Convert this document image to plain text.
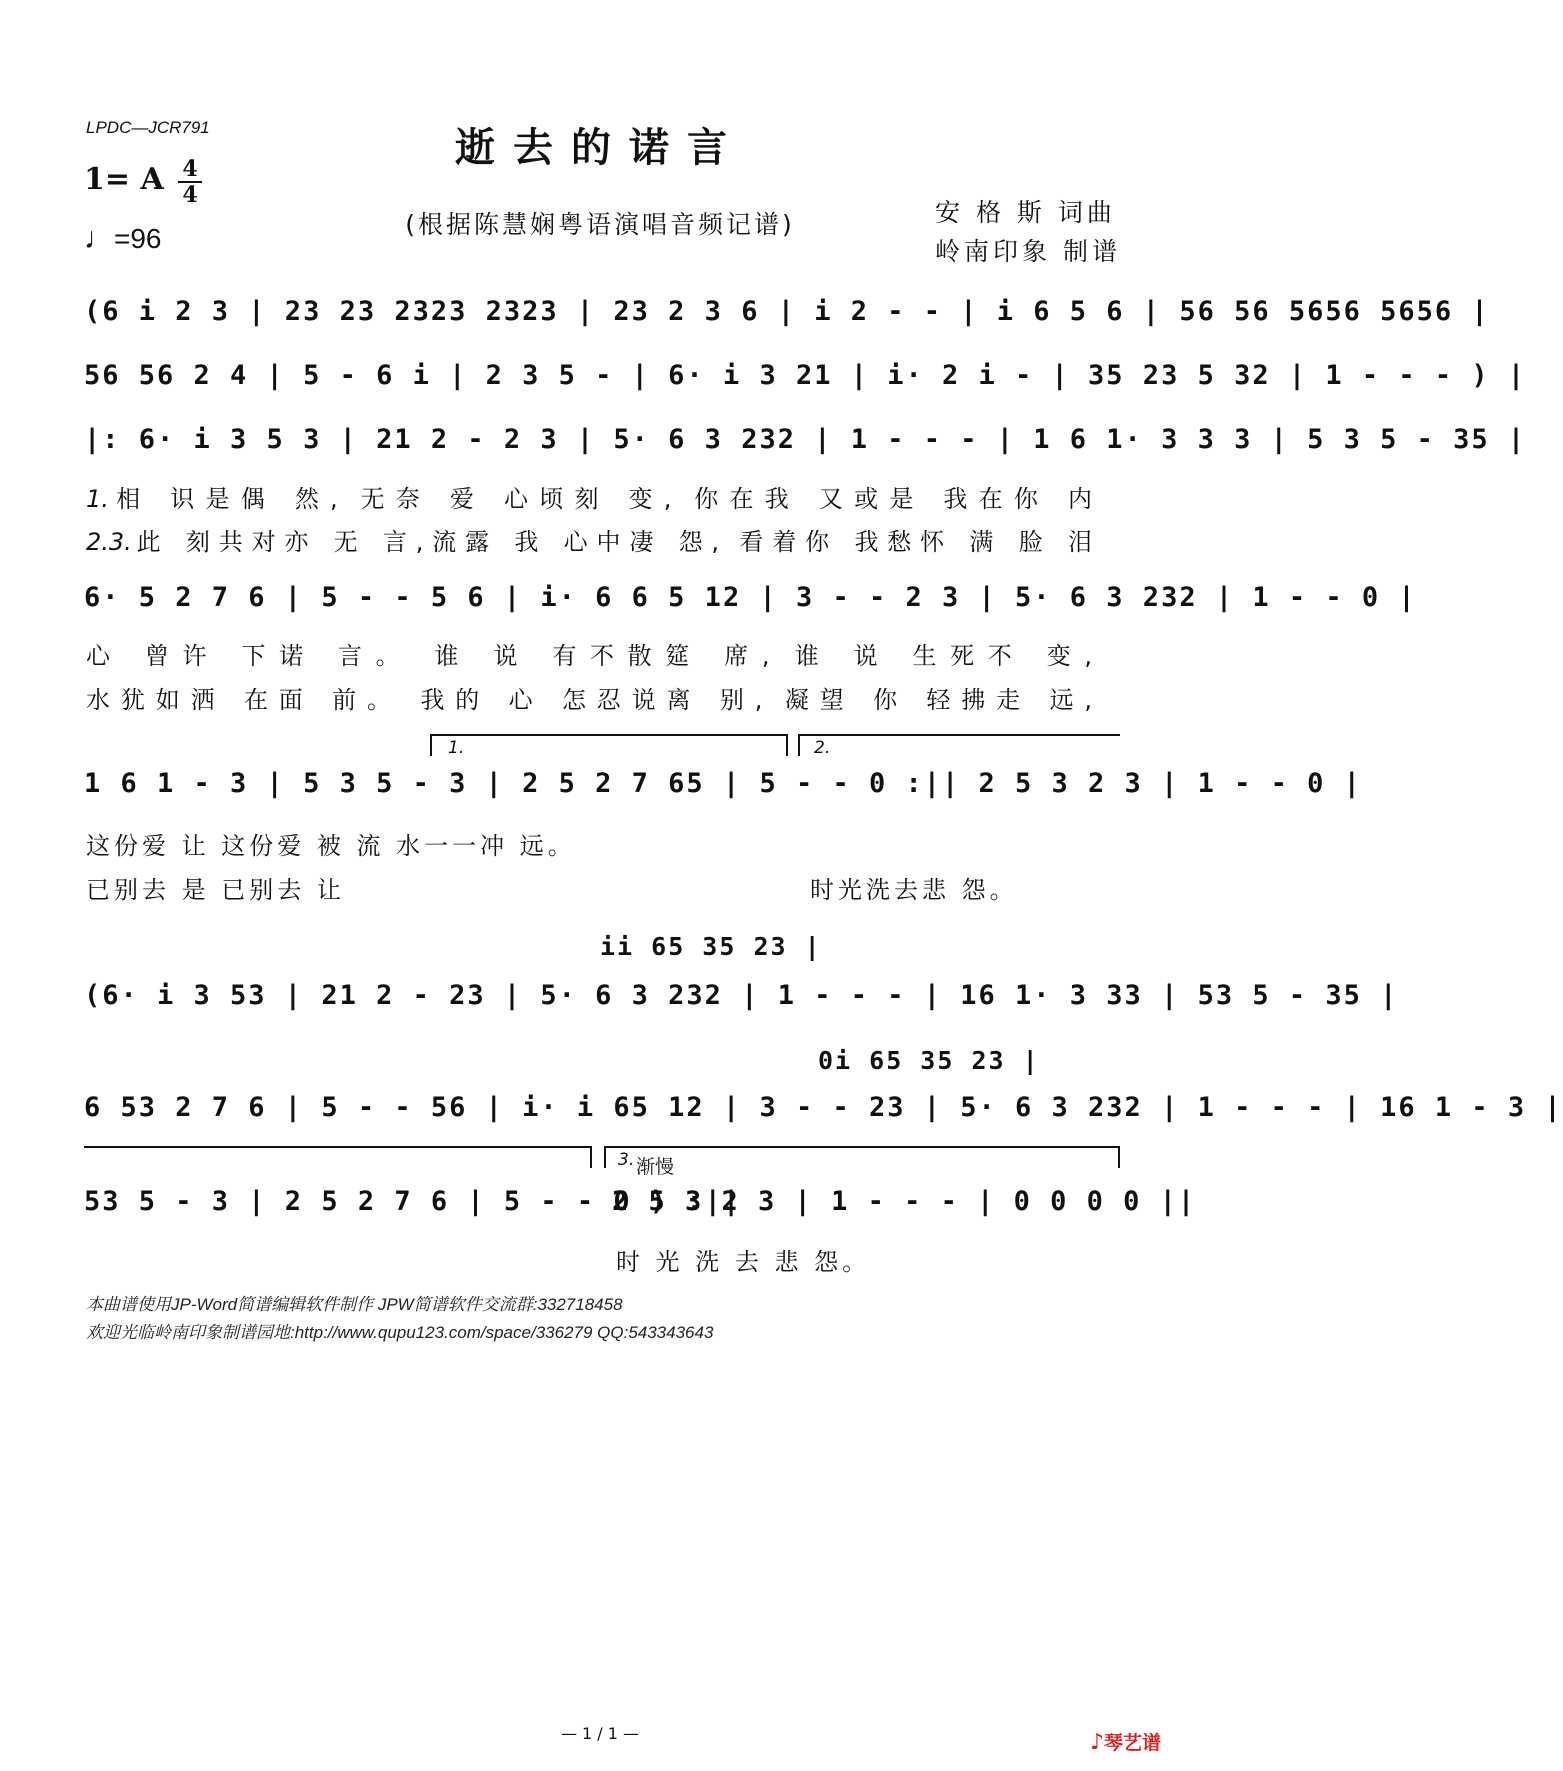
LPDC—JCR791	逝去的诺言
1= A 4
4
♩=96	(根据陈慧娴粤语演唱音频记谱)	安 格 斯 词曲
岭南印象 制谱
(6 i 2 3 | 23 23 2323 2323 | 23 2 3 6 | i 2 - - | i 6 5 6 | 56 56 5656 5656 |
56 56 2 4 | 5 - 6 i | 2 3 5 - | 6· i 3 21 | i· 2 i - | 35 23 5 32 | 1 - - - ) |
|: 6· i 3 5 3 | 21 2 - 2 3 | 5· 6 3 232 | 1 - - - | 1 6 1· 3 3 3 | 5 3 5 - 35 |
1.相 识是偶 然, 无奈 爱 心顷刻 变, 你在我 又或是 我在你 内
2.3.此 刻共对亦 无 言,流露 我 心中凄 怨, 看着你 我愁怀 满 脸 泪
6· 5 2 7 6 | 5 - - 5 6 | i· 6 6 5 12 | 3 - - 2 3 | 5· 6 3 232 | 1 - - 0 |
心 曾许 下诺 言。 谁 说 有不散筵 席, 谁 说 生死不 变,
水犹如洒 在面 前。 我的 心 怎忍说离 别, 凝望 你 轻拂走 远,
1.	2.
1 6 1 - 3 | 5 3 5 - 3 | 2 5 2 7 65 | 5 - - 0 :|| 2 5 3 2 3 | 1 - - 0 |
这份爱 让 这份爱 被 流 水一一冲 远。
已别去 是 已别去 让	时光洗去悲 怨。
ii 65 35 23 |
(6· i 3 53 | 21 2 - 23 | 5· 6 3 232 | 1 - - - | 16 1· 3 33 | 53 5 - 35 |
0i 65 35 23 |
6 53 2 7 6 | 5 - - 56 | i· i 65 12 | 3 - - 23 | 5· 6 3 232 | 1 - - - | 16 1 - 3 |
3. 渐慢
53 5 - 3 | 2 5 2 7 6 | 5 - - 0 ) :||
2 5 3 2 3 | 1 - - - | 0 0 0 0 ||
时 光 洗 去 悲 怨。
本曲谱使用JP-Word简谱编辑软件制作 JPW简谱软件交流群:332718458
欢迎光临岭南印象制谱园地:http://www.qupu123.com/space/336279 QQ:543343643
— 1 / 1 —	♪琴艺谱
